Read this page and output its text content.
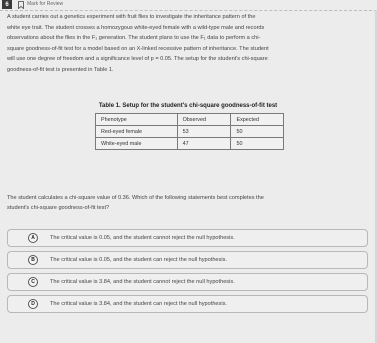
6	Mark for Review

A student carries out a genetics experiment with fruit flies to investigate the inheritance pattern of the

white eye trait. The student crosses a homozygous white-eyed female with a wild-type male and records

observations about the flies in the F₁ generation. The student plans to use the F₁ data to perform a chi-

square goodness-of-fit test for a model based on an X-linked recessive pattern of inheritance. The student

will use one degree of freedom and a significance level of p = 0.05. The setup for the student's chi-square

goodness-of-fit test is presented in Table 1.

Table 1. Setup for the student's chi-square goodness-of-fit test
Phenotype	Observed	Expected
Red-eyed female	53	50
White-eyed male	47	50
The student calculates a chi-square value of 0.36. Which of the following statements best completes the
student's chi-square goodness-of-fit test?
A	The critical value is 0.05, and the student cannot reject the null hypothesis.
B	The critical value is 0.05, and the student can reject the null hypothesis.
C	The critical value is 3.84, and the student cannot reject the null hypothesis.
D	The critical value is 3.84, and the student can reject the null hypothesis.
